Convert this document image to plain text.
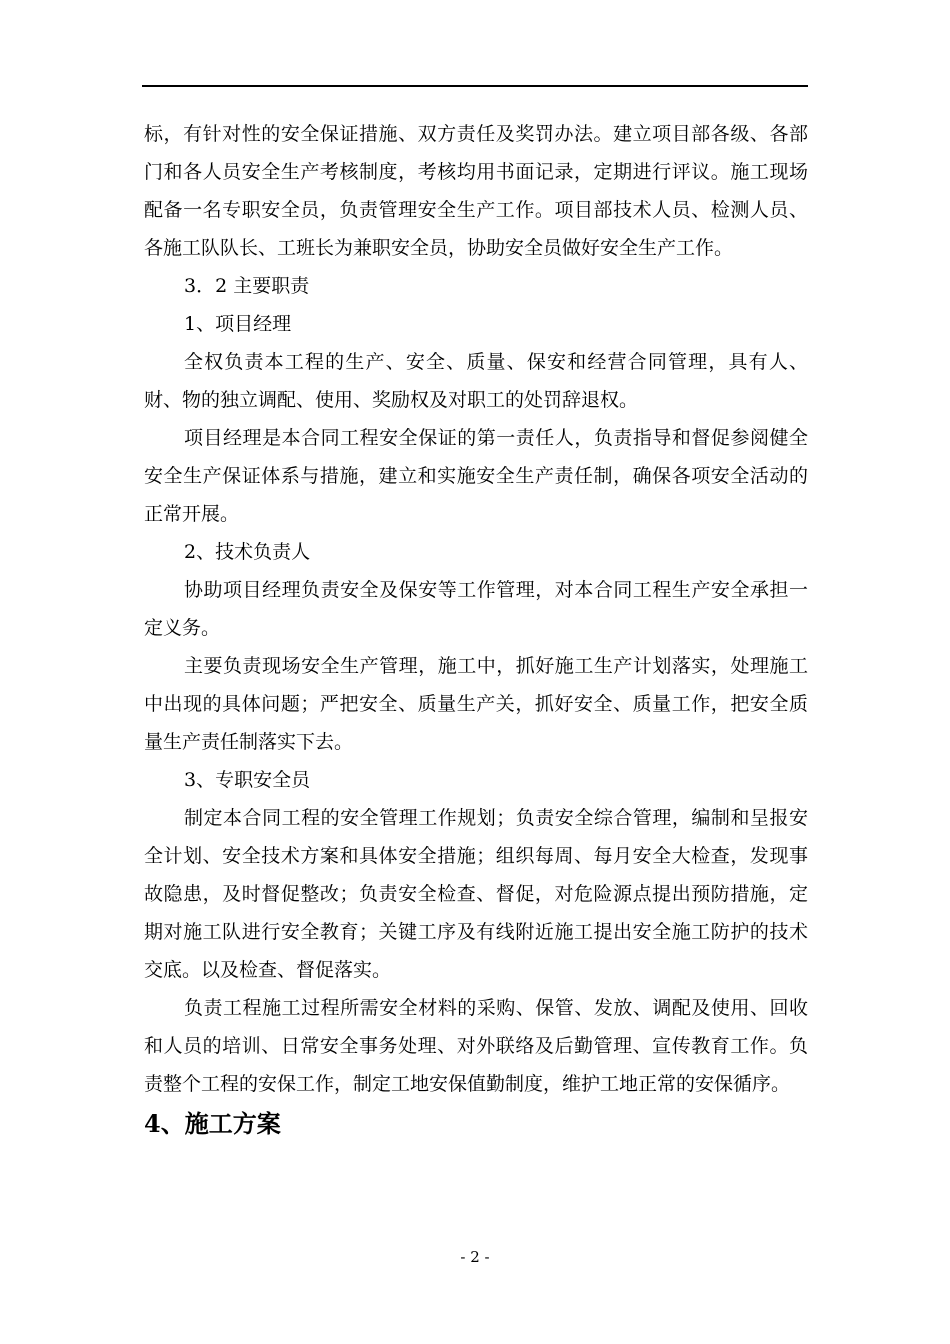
标，有针对性的安全保证措施、双方责任及奖罚办法。建立项目部各级、各部门和各人员安全生产考核制度，考核均用书面记录，定期进行评议。施工现场配备一名专职安全员，负责管理安全生产工作。项目部技术人员、检测人员、各施工队队长、工班长为兼职安全员，协助安全员做好安全生产工作。

3．2 主要职责

1、项目经理

全权负责本工程的生产、安全、质量、保安和经营合同管理，具有人、财、物的独立调配、使用、奖励权及对职工的处罚辞退权。

项目经理是本合同工程安全保证的第一责任人，负责指导和督促参阅健全安全生产保证体系与措施，建立和实施安全生产责任制，确保各项安全活动的正常开展。

2、技术负责人

协助项目经理负责安全及保安等工作管理，对本合同工程生产安全承担一定义务。

主要负责现场安全生产管理，施工中，抓好施工生产计划落实，处理施工中出现的具体问题；严把安全、质量生产关，抓好安全、质量工作，把安全质量生产责任制落实下去。

3、专职安全员

制定本合同工程的安全管理工作规划；负责安全综合管理，编制和呈报安全计划、安全技术方案和具体安全措施；组织每周、每月安全大检查，发现事故隐患，及时督促整改；负责安全检查、督促，对危险源点提出预防措施，定期对施工队进行安全教育；关键工序及有线附近施工提出安全施工防护的技术交底。以及检查、督促落实。

负责工程施工过程所需安全材料的采购、保管、发放、调配及使用、回收和人员的培训、日常安全事务处理、对外联络及后勤管理、宣传教育工作。负责整个工程的安保工作，制定工地安保值勤制度，维护工地正常的安保循序。

4、施工方案
- 2 -
